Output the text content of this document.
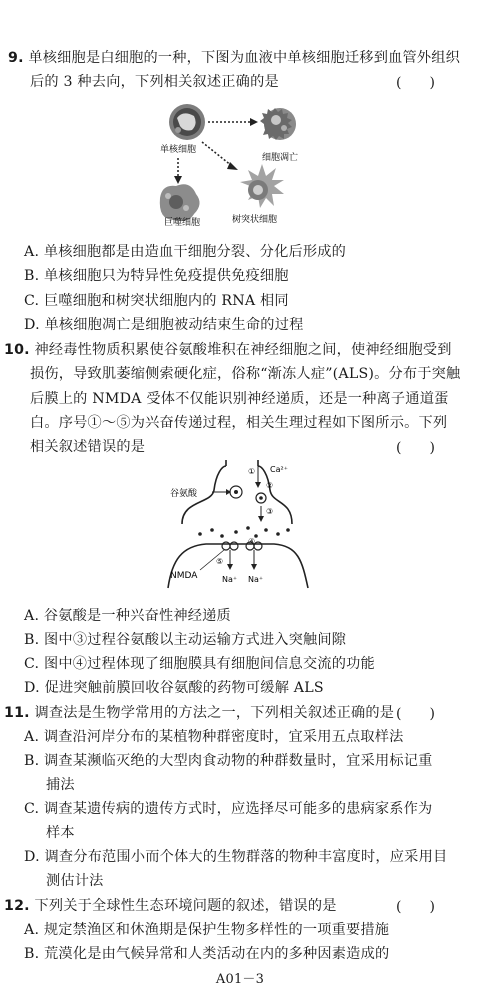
9. 单核细胞是白细胞的一种，下图为血液中单核细胞迁移到血管外组织
后的 3 种去向，下列相关叙述正确的是	(　　)
单核细胞
细胞凋亡
巨噬细胞	树突状细胞
A. 单核细胞都是由造血干细胞分裂、分化后形成的
B. 单核细胞只为特异性免疫提供免疫细胞
C. 巨噬细胞和树突状细胞内的 RNA 相同
D. 单核细胞凋亡是细胞被动结束生命的过程
10. 神经毒性物质积累使谷氨酸堆积在神经细胞之间，使神经细胞受到
损伤，导致肌萎缩侧索硬化症，俗称“渐冻人症”(ALS)。分布于突触
后膜上的 NMDA 受体不仅能识别神经递质，还是一种离子通道蛋
白。序号①～⑤为兴奋传递过程，相关生理过程如下图所示。下列
相关叙述错误的是	(　　)
谷氨酸
Ca²⁺
①
②
③
④
⑤
NMDA	Na⁺ Na⁺
A. 谷氨酸是一种兴奋性神经递质
B. 图中③过程谷氨酸以主动运输方式进入突触间隙
C. 图中④过程体现了细胞膜具有细胞间信息交流的功能
D. 促进突触前膜回收谷氨酸的药物可缓解 ALS
11. 调查法是生物学常用的方法之一，下列相关叙述正确的是 (　　)
A. 调查沿河岸分布的某植物种群密度时，宜采用五点取样法
B. 调查某濒临灭绝的大型肉食动物的种群数量时，宜采用标记重
捕法
C. 调查某遗传病的遗传方式时，应选择尽可能多的患病家系作为
样本
D. 调查分布范围小而个体大的生物群落的物种丰富度时，应采用目
测估计法
12. 下列关于全球性生态环境问题的叙述，错误的是	(　　)
A. 规定禁渔区和休渔期是保护生物多样性的一项重要措施
B. 荒漠化是由气候异常和人类活动在内的多种因素造成的
A01－3
